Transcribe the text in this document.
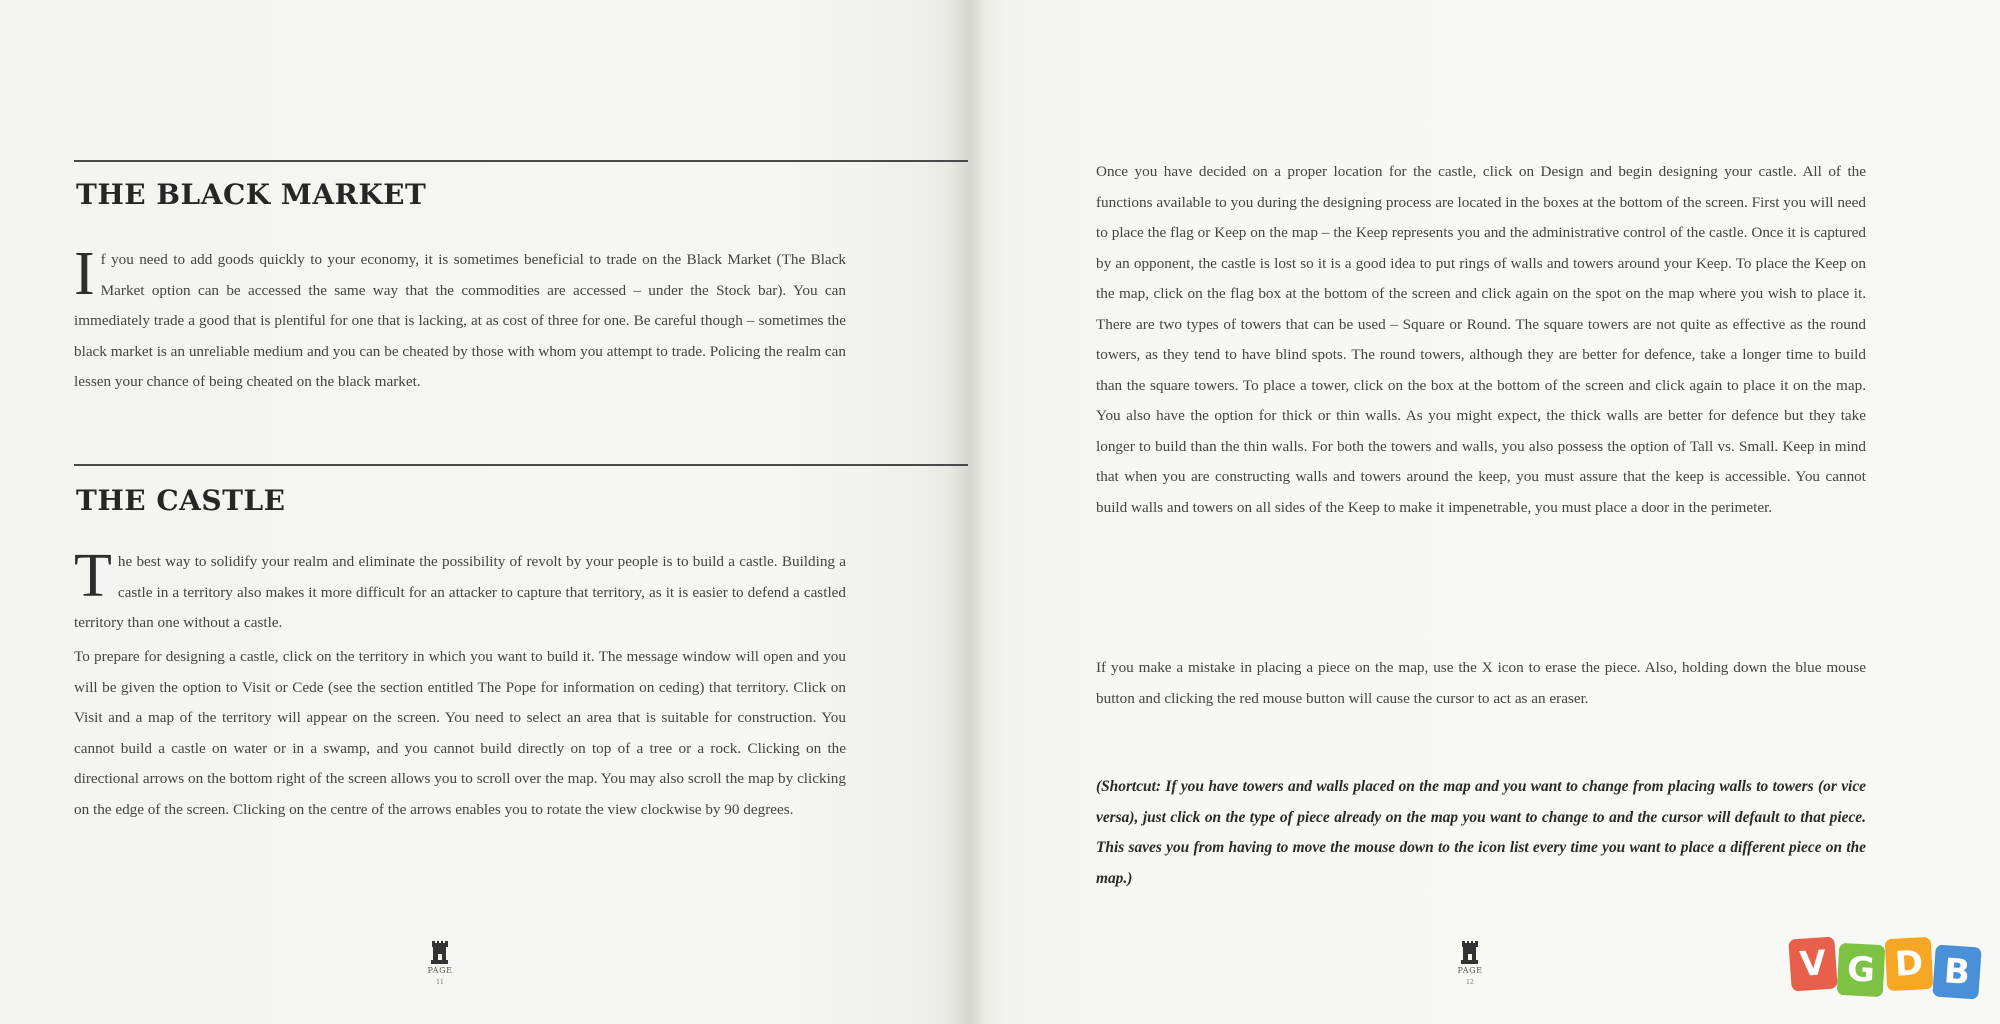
THE BLACK MARKET
If you need to add goods quickly to your economy, it is sometimes beneficial to trade on the Black Market (The Black Market option can be accessed the same way that the commodities are accessed – under the Stock bar). You can immediately trade a good that is plentiful for one that is lacking, at as cost of three for one. Be careful though – sometimes the black market is an unreliable medium and you can be cheated by those with whom you attempt to trade. Policing the realm can lessen your chance of being cheated on the black market.
THE CASTLE
The best way to solidify your realm and eliminate the possibility of revolt by your people is to build a castle. Building a castle in a territory also makes it more difficult for an attacker to capture that territory, as it is easier to defend a castled territory than one without a castle.
To prepare for designing a castle, click on the territory in which you want to build it. The message window will open and you will be given the option to Visit or Cede (see the section entitled The Pope for information on ceding) that territory. Click on Visit and a map of the territory will appear on the screen. You need to select an area that is suitable for construction. You cannot build a castle on water or in a swamp, and you cannot build directly on top of a tree or a rock. Clicking on the directional arrows on the bottom right of the screen allows you to scroll over the map. You may also scroll the map by clicking on the edge of the screen. Clicking on the centre of the arrows enables you to rotate the view clockwise by 90 degrees.
PAGE
11
Once you have decided on a proper location for the castle, click on Design and begin designing your castle. All of the functions available to you during the designing process are located in the boxes at the bottom of the screen. First you will need to place the flag or Keep on the map – the Keep represents you and the administrative control of the castle. Once it is captured by an opponent, the castle is lost so it is a good idea to put rings of walls and towers around your Keep. To place the Keep on the map, click on the flag box at the bottom of the screen and click again on the spot on the map where you wish to place it. There are two types of towers that can be used – Square or Round. The square towers are not quite as effective as the round towers, as they tend to have blind spots. The round towers, although they are better for defence, take a longer time to build than the square towers. To place a tower, click on the box at the bottom of the screen and click again to place it on the map. You also have the option for thick or thin walls. As you might expect, the thick walls are better for defence but they take longer to build than the thin walls. For both the towers and walls, you also possess the option of Tall vs. Small. Keep in mind that when you are constructing walls and towers around the keep, you must assure that the keep is accessible. You cannot build walls and towers on all sides of the Keep to make it impenetrable, you must place a door in the perimeter.
If you make a mistake in placing a piece on the map, use the X icon to erase the piece. Also, holding down the blue mouse button and clicking the red mouse button will cause the cursor to act as an eraser.
(Shortcut: If you have towers and walls placed on the map and you want to change from placing walls to towers (or vice versa), just click on the type of piece already on the map you want to change to and the cursor will default to that piece. This saves you from having to move the mouse down to the icon list every time you want to place a different piece on the map.)
PAGE
12	V G D B
